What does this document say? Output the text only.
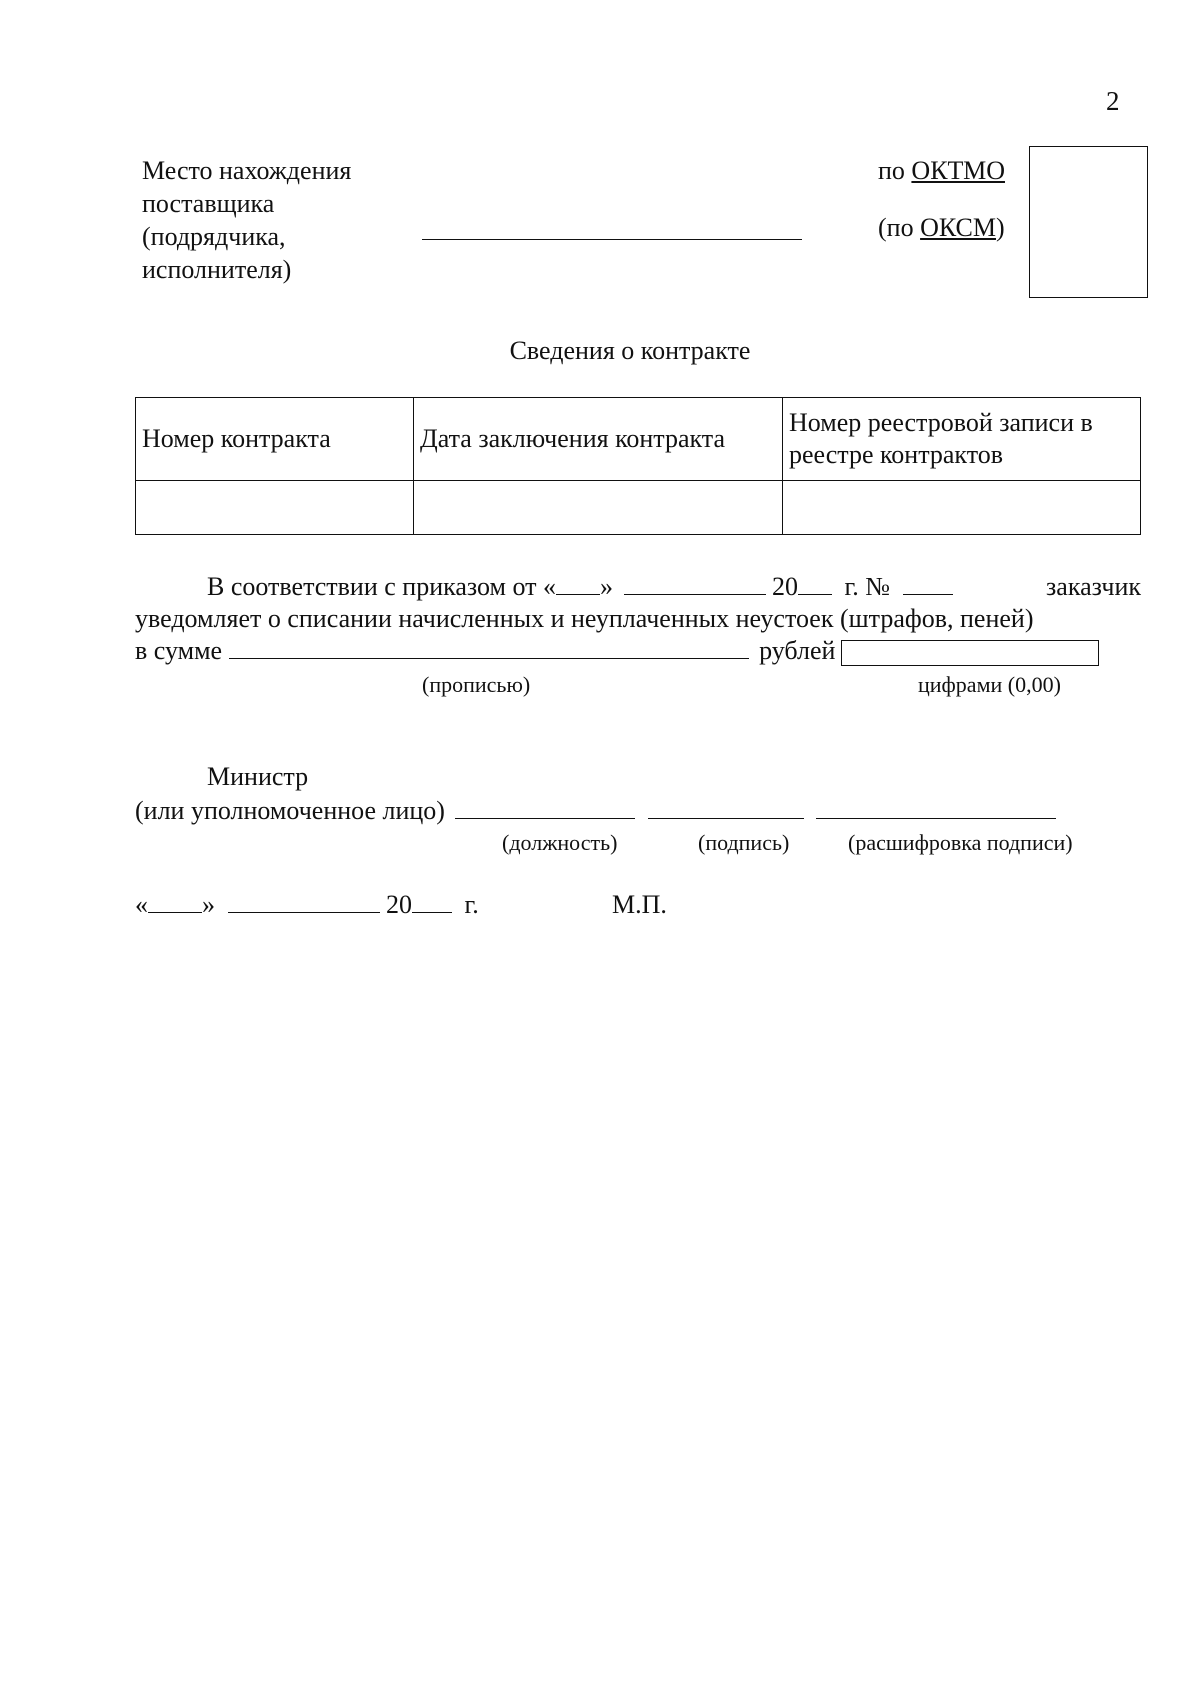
2
Место нахождения
поставщика
(подрядчика,
исполнителя)
по ОКТМО
(по ОКСМ)
Сведения о контракте
Номер контракта	Дата заключения контракта	Номер реестровой записи в реестре контрактов

В соответствии с приказом от « »	20 г. №	заказчик
уведомляет о списании начисленных и неуплаченных неустоек (штрафов, пеней)
в сумме	рублей
(прописью)	цифрами (0,00)
Министр
(или уполномоченное лицо)
(должность)	(подпись)	(расшифровка подписи)
« »	20 г.	М.П.
